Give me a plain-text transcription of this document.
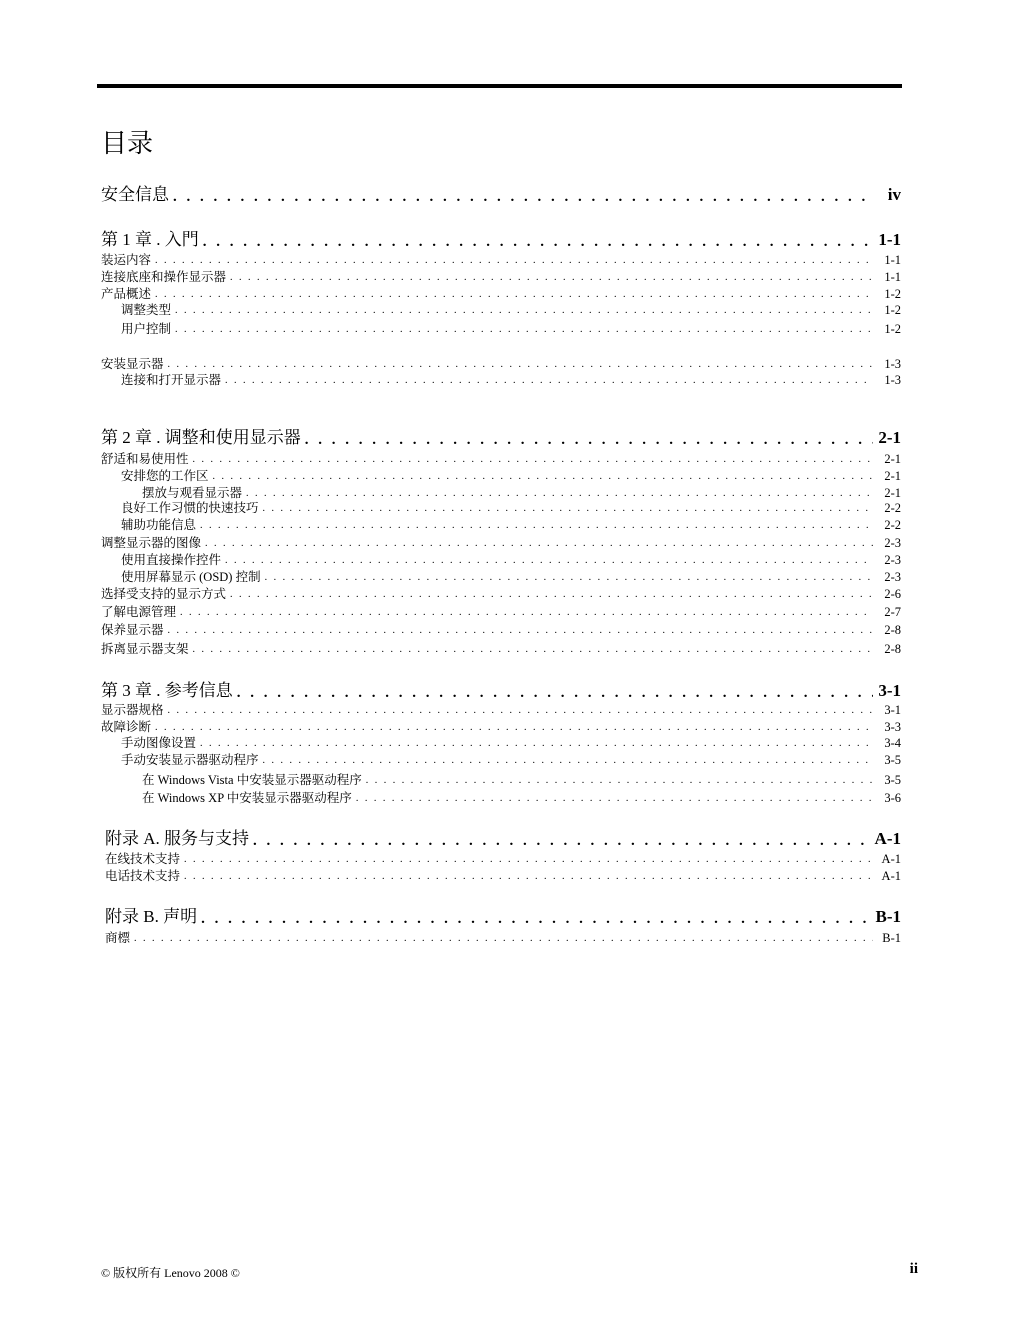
目录
安全信息 . . .	iv
第 1 章 . 入門 . . .	1-1
装运内容 . . .	1-1
连接底座和操作显示器 . . .	1-1
产品概述 . . .	1-2
调整类型 . . .	1-2
用户控制 . . .	1-2
安装显示器 . . .	1-3
连接和打开显示器 . . .	1-3
第 2 章 . 调整和使用显示器 . . .	2-1
舒适和易使用性 . . .	2-1
安排您的工作区 . . .	2-1
摆放与观看显示器 . . .	2-1
良好工作习惯的快速技巧 . . .	2-2
辅助功能信息 . . .	2-2
调整显示器的图像 . . .	2-3
使用直接操作控件 . . .	2-3
使用屏幕显示 (OSD) 控制 . . .	2-3
选择受支持的显示方式 . . .	2-6
了解电源管理 . . .	2-7
保养显示器 . . .	2-8
拆离显示器支架 . . .	2-8
第 3 章 . 参考信息 . . .	3-1
显示器规格 . . .	3-1
故障诊断 . . .	3-3
手动图像设置 . . .	3-4
手动安装显示器驱动程序 . . .	3-5
在 Windows Vista 中安装显示器驱动程序 . . .	3-5
在 Windows XP 中安装显示器驱动程序 . . .	3-6
附录 A. 服务与支持 . . .	A-1
在线技术支持 . . .	A-1
电话技术支持 . . .	A-1
附录 B. 声明 . . .	B-1
商標 . . .	B-1
© 版权所有 Lenovo 2008 ©	ii
